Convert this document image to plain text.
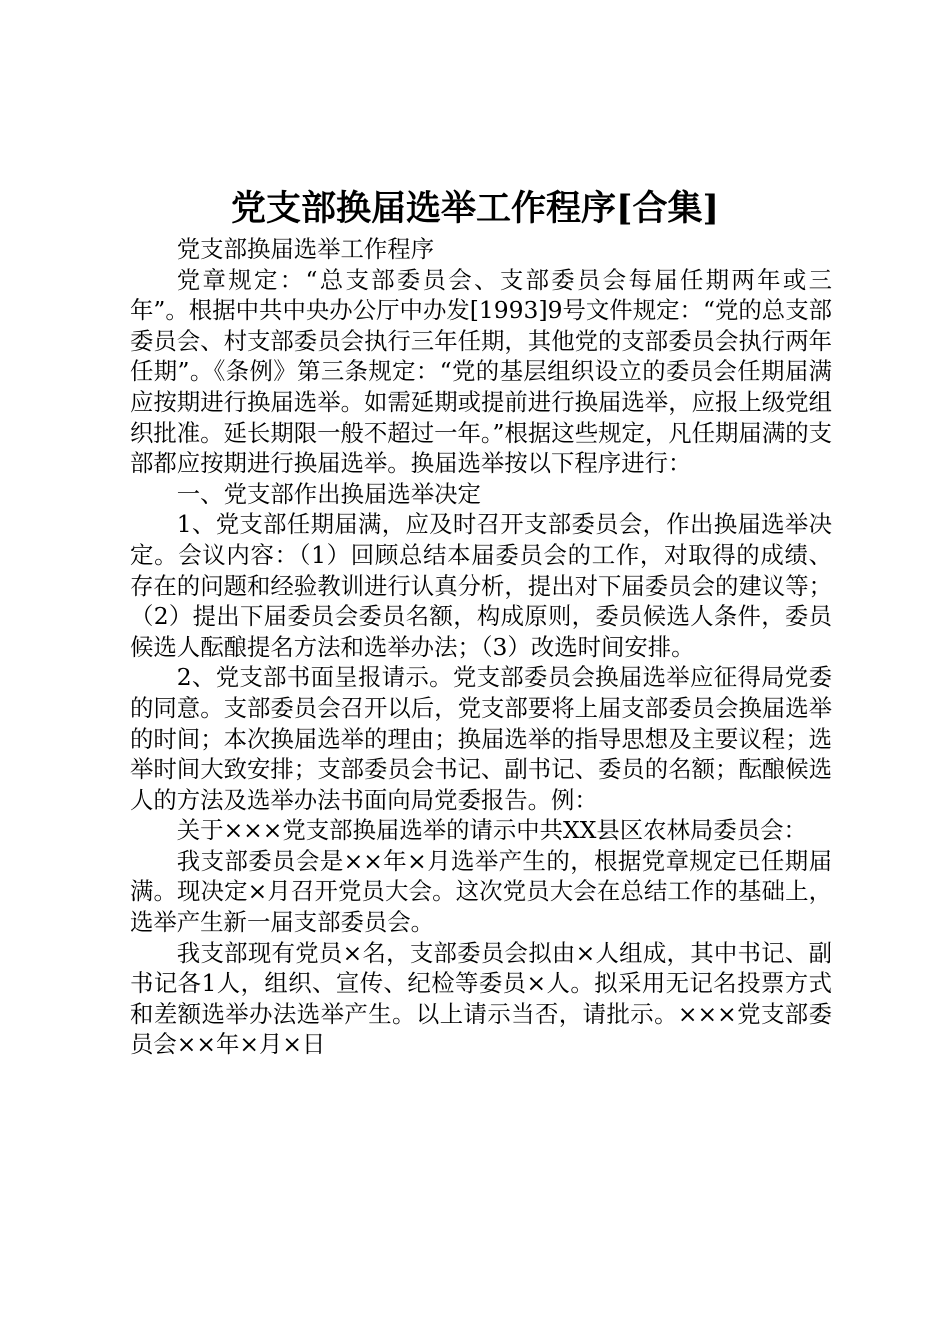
党支部换届选举工作程序[合集]

党支部换届选举工作程序

党章规定：“总支部委员会、支部委员会每届任期两年或三年”。根据中共中央办公厅中办发[1993]9号文件规定：“党的总支部委员会、村支部委员会执行三年任期，其他党的支部委员会执行两年任期”。《条例》第三条规定：“党的基层组织设立的委员会任期届满应按期进行换届选举。如需延期或提前进行换届选举，应报上级党组织批准。延长期限一般不超过一年。”根据这些规定，凡任期届满的支部都应按期进行换届选举。换届选举按以下程序进行：

一、党支部作出换届选举决定

1、党支部任期届满，应及时召开支部委员会，作出换届选举决定。会议内容：（1）回顾总结本届委员会的工作，对取得的成绩、存在的问题和经验教训进行认真分析，提出对下届委员会的建议等；（2）提出下届委员会委员名额，构成原则，委员候选人条件，委员候选人酝酿提名方法和选举办法；（3）改选时间安排。

2、党支部书面呈报请示。党支部委员会换届选举应征得局党委的同意。支部委员会召开以后，党支部要将上届支部委员会换届选举的时间；本次换届选举的理由；换届选举的指导思想及主要议程；选举时间大致安排；支部委员会书记、副书记、委员的名额；酝酿候选人的方法及选举办法书面向局党委报告。例：

关于×××党支部换届选举的请示中共XX县区农林局委员会：

我支部委员会是××年×月选举产生的，根据党章规定已任期届满。现决定×月召开党员大会。这次党员大会在总结工作的基础上，选举产生新一届支部委员会。

我支部现有党员×名，支部委员会拟由×人组成，其中书记、副书记各1人，组织、宣传、纪检等委员×人。拟采用无记名投票方式和差额选举办法选举产生。以上请示当否，请批示。×××党支部委员会××年×月×日
